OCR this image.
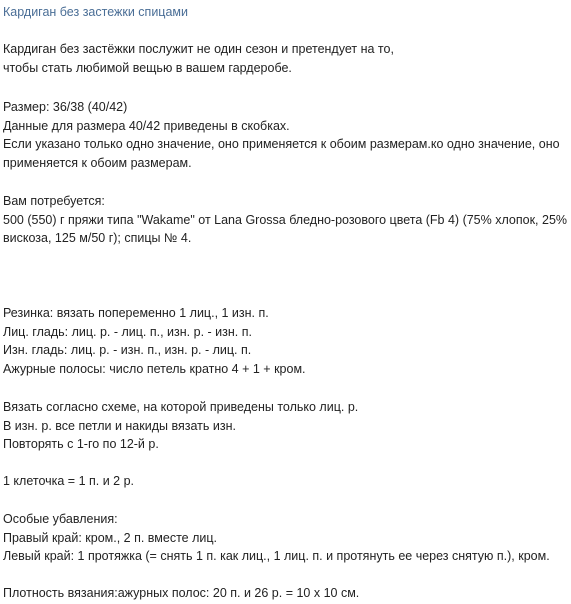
Кардиган без застежки спицами
Кардиган без застёжки послужит не один сезон и претендует на то,
чтобы стать любимой вещью в вашем гардеробе.
Размер: 36/38 (40/42)
Данные для размера 40/42 приведены в скобках.
Если указано только одно значение, оно применяется к обоим размерам.ко одно значение, оно
применяется к обоим размерам.
Вам потребуется:
500 (550) г пряжи типа "Wakame" от Lana Grossa бледно-розового цвета (Fb 4) (75% хлопок, 25%
вискоза, 125 м/50 г); спицы № 4.
Резинка: вязать попеременно 1 лиц., 1 изн. п.
Лиц. гладь: лиц. р. - лиц. п., изн. р. - изн. п.
Изн. гладь: лиц. р. - изн. п., изн. р. - лиц. п.
Ажурные полосы: число петель кратно 4 + 1 + кром.
Вязать согласно схеме, на которой приведены только лиц. р.
В изн. р. все петли и накиды вязать изн.
Повторять с 1-го по 12-й р.
1 клеточка = 1 п. и 2 р.
Особые убавления:
Правый край: кром., 2 п. вместе лиц.
Левый край: 1 протяжка (= снять 1 п. как лиц., 1 лиц. п. и протянуть ее через снятую п.), кром.
Плотность вязания:ажурных полос: 20 п. и 26 р. = 10 х 10 см.
